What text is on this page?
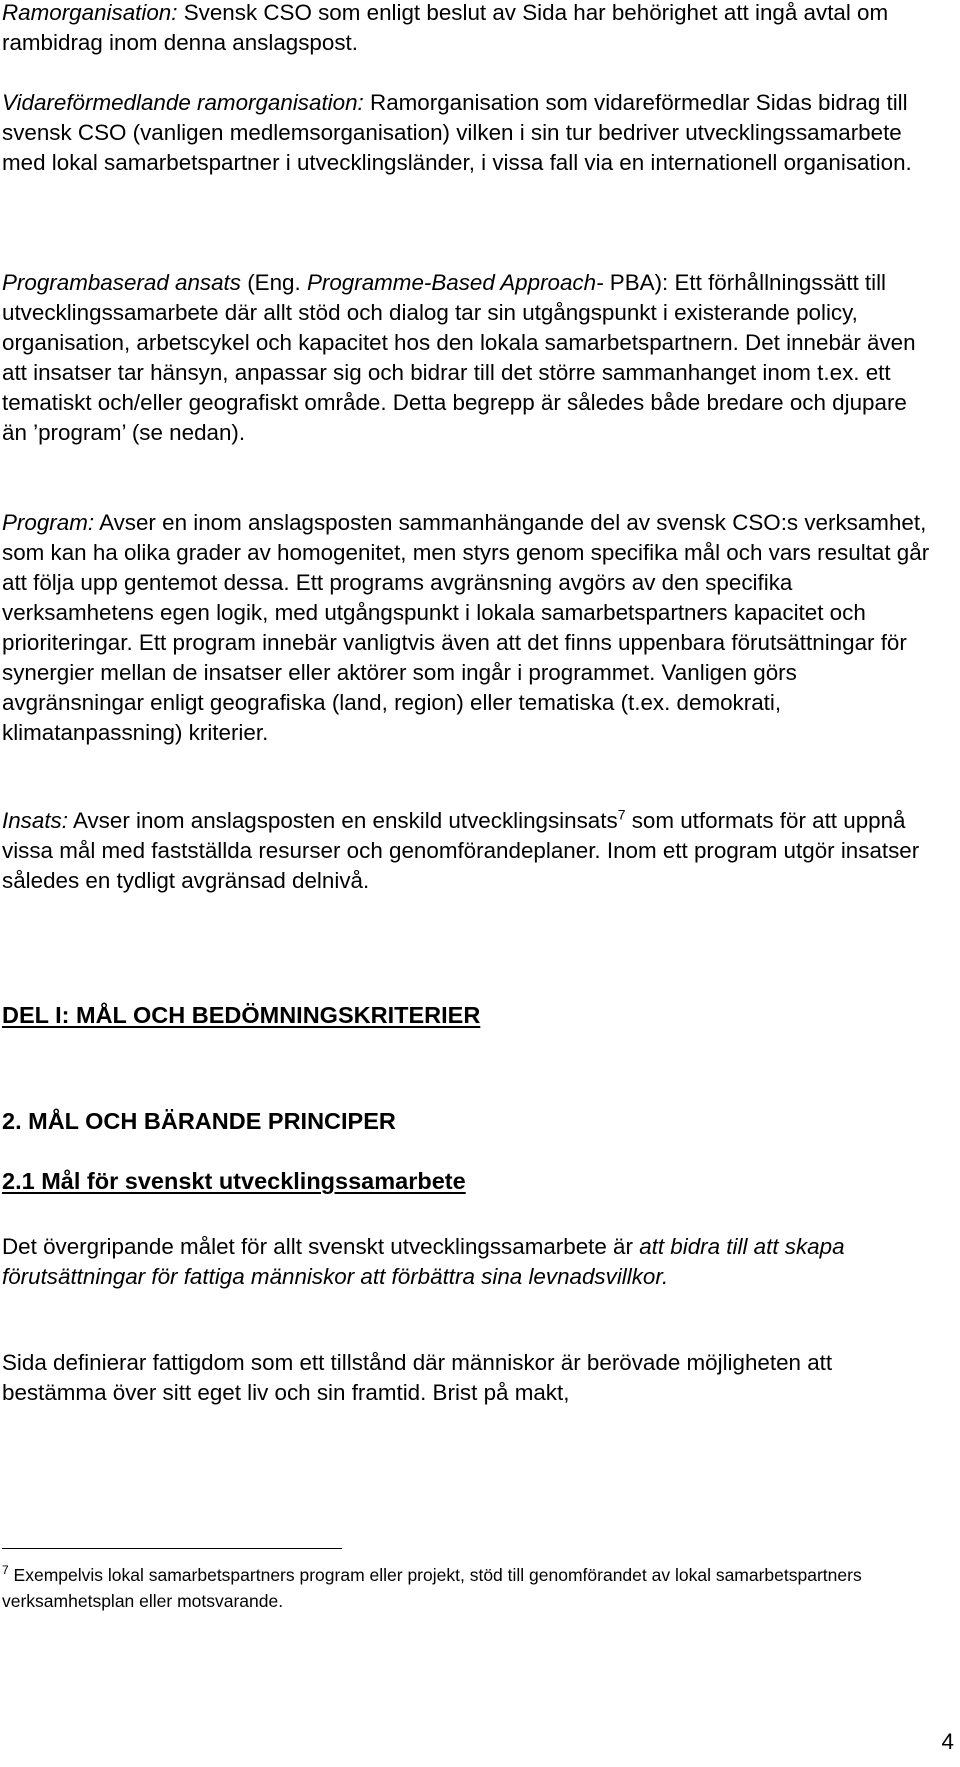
Ramorganisation: Svensk CSO som enligt beslut av Sida har behörighet att ingå avtal om rambidrag inom denna anslagspost.

Vidareförmedlande ramorganisation: Ramorganisation som vidareförmedlar Sidas bidrag till svensk CSO (vanligen medlemsorganisation) vilken i sin tur bedriver utvecklingssamarbete med lokal samarbetspartner i utvecklingsländer, i vissa fall via en internationell organisation.

Programbaserad ansats (Eng. Programme-Based Approach- PBA): Ett förhållningssätt till utvecklingssamarbete där allt stöd och dialog tar sin utgångspunkt i existerande policy, organisation, arbetscykel och kapacitet hos den lokala samarbetspartnern. Det innebär även att insatser tar hänsyn, anpassar sig och bidrar till det större sammanhanget inom t.ex. ett tematiskt och/eller geografiskt område. Detta begrepp är således både bredare och djupare än ’program’ (se nedan).

Program: Avser en inom anslagsposten sammanhängande del av svensk CSO:s verksamhet, som kan ha olika grader av homogenitet, men styrs genom specifika mål och vars resultat går att följa upp gentemot dessa. Ett programs avgränsning avgörs av den specifika verksamhetens egen logik, med utgångspunkt i lokala samarbetspartners kapacitet och prioriteringar. Ett program innebär vanligtvis även att det finns uppenbara förutsättningar för synergier mellan de insatser eller aktörer som ingår i programmet. Vanligen görs avgränsningar enligt geografiska (land, region) eller tematiska (t.ex. demokrati, klimatanpassning) kriterier.

Insats: Avser inom anslagsposten en enskild utvecklingsinsats$^7$ som utformats för att uppnå vissa mål med fastställda resurser och genomförandeplaner. Inom ett program utgör insatser således en tydligt avgränsad delnivå.

DEL I: MÅL OCH BEDÖMNINGSKRITERIER
2. MÅL OCH BÄRANDE PRINCIPER
2.1 Mål för svenskt utvecklingssamarbete

Det övergripande målet för allt svenskt utvecklingssamarbete är att bidra till att skapa förutsättningar för fattiga människor att förbättra sina levnadsvillkor.

Sida definierar fattigdom som ett tillstånd där människor är berövade möjligheten att bestämma över sitt eget liv och sin framtid. Brist på makt,

$^7$ Exempelvis lokal samarbetspartners program eller projekt, stöd till genomförandet av lokal samarbetspartners verksamhetsplan eller motsvarande.

4
